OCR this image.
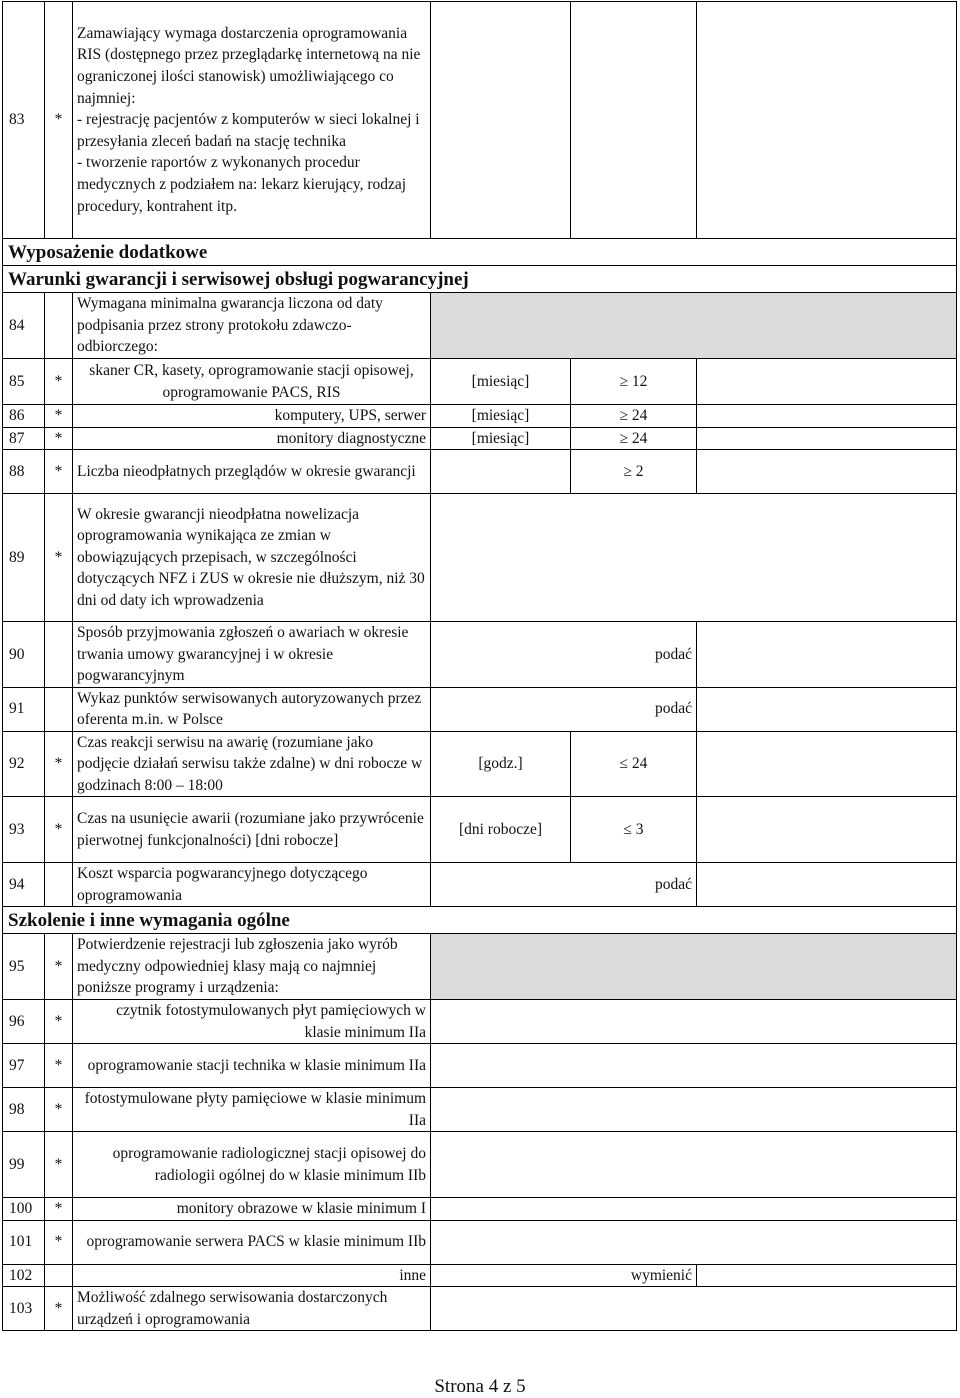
83	*	Zamawiający wymaga dostarczenia oprogramowania RIS (dostępnego przez przeglądarkę internetową na nie ograniczonej ilości stanowisk) umożliwiającego co najmniej:
- rejestrację pacjentów z komputerów w sieci lokalnej i przesyłania zleceń badań na stację technika
- tworzenie raportów z wykonanych procedur medycznych z podziałem na: lekarz kierujący, rodzaj procedury, kontrahent itp.			
Wyposażenie dodatkowe					
Warunki gwarancji i serwisowej obsługi pogwarancyjnej					
84		Wymagana minimalna gwarancja liczona od daty podpisania przez strony protokołu zdawczo-odbiorczego:			
85	*	skaner CR, kasety, oprogramowanie stacji opisowej, oprogramowanie PACS, RIS	[miesiąc]	≥ 12	
86	*	komputery, UPS, serwer	[miesiąc]	≥ 24	
87	*	monitory diagnostyczne	[miesiąc]	≥ 24	
88	*	Liczba nieodpłatnych przeglądów w okresie gwarancji		≥ 2	
89	*	W okresie gwarancji nieodpłatna nowelizacja oprogramowania wynikająca ze zmian w obowiązujących przepisach, w szczególności dotyczących NFZ i ZUS w okresie nie dłuższym, niż 30 dni od daty ich wprowadzenia			
90		Sposób przyjmowania zgłoszeń o awariach w okresie trwania umowy gwarancyjnej i w okresie pogwarancyjnym	podać		
91		Wykaz punktów serwisowanych autoryzowanych przez oferenta m.in. w Polsce	podać		
92	*	Czas reakcji serwisu na awarię (rozumiane jako podjęcie działań serwisu także zdalne) w dni robocze w godzinach 8:00 – 18:00	[godz.]	≤ 24	
93	*	Czas na usunięcie awarii (rozumiane jako przywrócenie pierwotnej funkcjonalności) [dni robocze]	[dni robocze]	≤ 3	
94		Koszt wsparcia pogwarancyjnego dotyczącego oprogramowania	podać		
Szkolenie i inne wymagania ogólne					
95	*	Potwierdzenie rejestracji lub zgłoszenia jako wyrób medyczny odpowiedniej klasy mają co najmniej poniższe programy i urządzenia:			
96	*	czytnik fotostymulowanych płyt pamięciowych w klasie minimum IIa			
97	*	oprogramowanie stacji technika w klasie minimum IIa			
98	*	fotostymulowane płyty pamięciowe w klasie minimum IIa			
99	*	oprogramowanie radiologicznej stacji opisowej do radiologii ogólnej do w klasie minimum IIb			
100	*	monitory obrazowe w klasie minimum I			
101	*	oprogramowanie serwera PACS w klasie minimum IIb			
102		inne	wymienić		
103	*	Możliwość zdalnego serwisowania dostarczonych urządzeń i oprogramowania			
Strona 4 z 5
